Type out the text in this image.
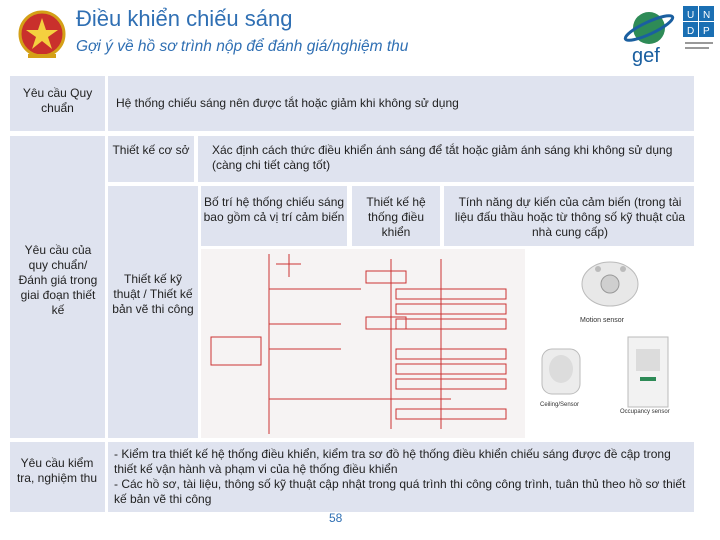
Điều khiển chiếu sáng
Gợi ý về hồ sơ trình nộp để đánh giá/nghiệm thu	gef
U N
D P
Yêu cầu Quy chuẩn	Hệ thống chiếu sáng nên được tắt hoặc giảm khi không sử dụng
Yêu cầu của quy chuẩn/ Đánh giá trong giai đoạn thiết kế
Thiết kế cơ sở Xác định cách thức điều khiển ánh sáng để tắt hoặc giảm ánh sáng khi không sử dụng (càng chi tiết càng tốt)
Thiết kế kỹ thuật / Thiết kế bản vẽ thi công
Bố trí hệ thống chiếu sáng bao gồm cả vị trí cảm biến
Thiết kế hệ thống điều khiển
Tính năng dự kiến của cảm biến (trong tài liệu đấu thầu hoặc từ thông số kỹ thuật của nhà cung cấp)
Motion sensor
Ceiling/Sensor
Occupancy sensor
Yêu cầu kiểm tra, nghiệm thu
- Kiểm tra thiết kế hệ thống điều khiển, kiểm tra sơ đồ hệ thống điều khiển chiếu sáng được đề cập trong thiết kế vận hành và phạm vi của hệ thống điều khiển
- Các hồ sơ, tài liệu, thông số kỹ thuật cập nhật trong quá trình thi công công trình, tuân thủ theo hồ sơ thiết kế bản vẽ thi công
58
